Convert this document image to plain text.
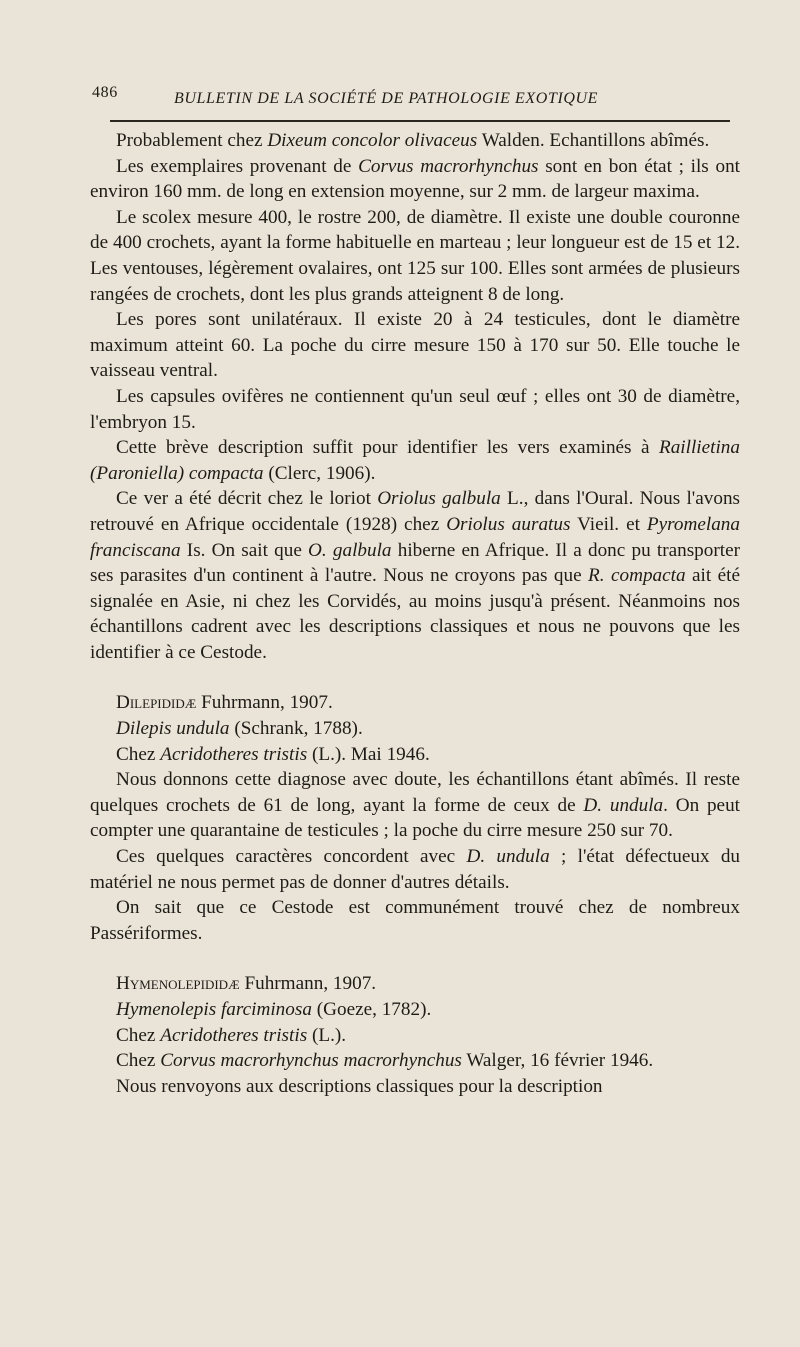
486	BULLETIN DE LA SOCIÉTÉ DE PATHOLOGIE EXOTIQUE

Probablement chez Dixeum concolor olivaceus Walden. Echantillons abîmés.

Les exemplaires provenant de Corvus macrorhynchus sont en bon état ; ils ont environ 160 mm. de long en extension moyenne, sur 2 mm. de largeur maxima.

Le scolex mesure 400, le rostre 200, de diamètre. Il existe une double couronne de 400 crochets, ayant la forme habituelle en marteau ; leur longueur est de 15 et 12. Les ventouses, légèrement ovalaires, ont 125 sur 100. Elles sont armées de plusieurs rangées de crochets, dont les plus grands atteignent 8 de long.

Les pores sont unilatéraux. Il existe 20 à 24 testicules, dont le diamètre maximum atteint 60. La poche du cirre mesure 150 à 170 sur 50. Elle touche le vaisseau ventral.

Les capsules ovifères ne contiennent qu'un seul œuf ; elles ont 30 de diamètre, l'embryon 15.

Cette brève description suffit pour identifier les vers examinés à Raillietina (Paroniella) compacta (Clerc, 1906).

Ce ver a été décrit chez le loriot Oriolus galbula L., dans l'Oural. Nous l'avons retrouvé en Afrique occidentale (1928) chez Oriolus auratus Vieil. et Pyromelana franciscana Is. On sait que O. galbula hiberne en Afrique. Il a donc pu transporter ses parasites d'un continent à l'autre. Nous ne croyons pas que R. compacta ait été signalée en Asie, ni chez les Corvidés, au moins jusqu'à présent. Néanmoins nos échantillons cadrent avec les descriptions classiques et nous ne pouvons que les identifier à ce Cestode.

Dilepididæ Fuhrmann, 1907.

Dilepis undula (Schrank, 1788).

Chez Acridotheres tristis (L.). Mai 1946.

Nous donnons cette diagnose avec doute, les échantillons étant abîmés. Il reste quelques crochets de 61 de long, ayant la forme de ceux de D. undula. On peut compter une quarantaine de testicules ; la poche du cirre mesure 250 sur 70.

Ces quelques caractères concordent avec D. undula ; l'état défectueux du matériel ne nous permet pas de donner d'autres détails.

On sait que ce Cestode est communément trouvé chez de nombreux Passériformes.

Hymenolepididæ Fuhrmann, 1907.

Hymenolepis farciminosa (Goeze, 1782).

Chez Acridotheres tristis (L.).

Chez Corvus macrorhynchus macrorhynchus Walger, 16 février 1946.

Nous renvoyons aux descriptions classiques pour la description
